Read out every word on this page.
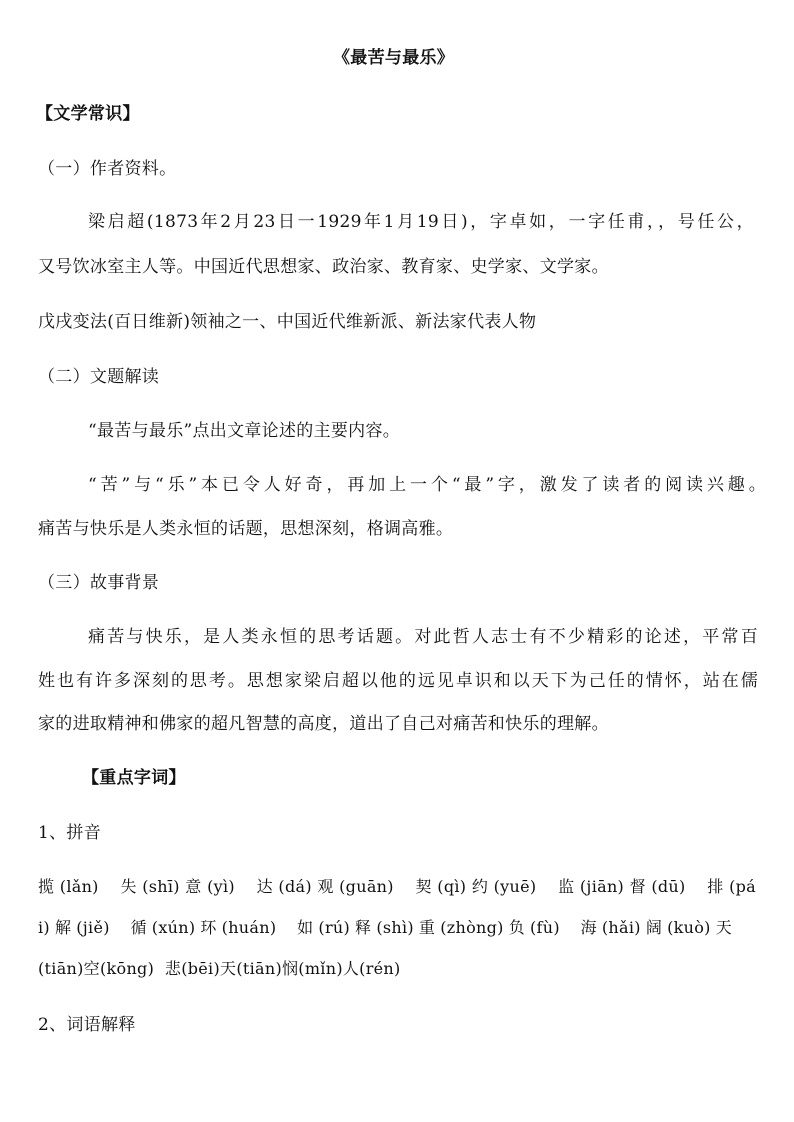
《最苦与最乐》
【文学常识】
（一）作者资料。
梁启超(1873年2月23日一1929年1月19日)，字卓如，一字任甫，，号任公，
又号饮冰室主人等。中国近代思想家、政治家、教育家、史学家、文学家。
戊戌变法(百日维新)领袖之一、中国近代维新派、新法家代表人物
（二）文题解读
“最苦与最乐”点出文章论述的主要内容。
“苦”与“乐”本已令人好奇，再加上一个“最”字，激发了读者的阅读兴趣。
痛苦与快乐是人类永恒的话题，思想深刻，格调高雅。
（三）故事背景
痛苦与快乐，是人类永恒的思考话题。对此哲人志士有不少精彩的论述，平常百
姓也有许多深刻的思考。思想家梁启超以他的远见卓识和以天下为己任的情怀，站在儒
家的进取精神和佛家的超凡智慧的高度，道出了自己对痛苦和快乐的理解。
【重点字词】
1、拼音
揽(lǎn)  失(shī)意(yì)  达(dá)观(guān)  契(qì)约(yuē)  监(jiān)督(dū)  排(pá
i)解(jiě)  循(xún)环(huán)  如(rú)释(shì)重(zhòng)负(fù)  海(hǎi)阔(kuò)天
(tiān)空(kōng)  悲(bēi)天(tiān)悯(mǐn)人(rén)
2、词语解释
